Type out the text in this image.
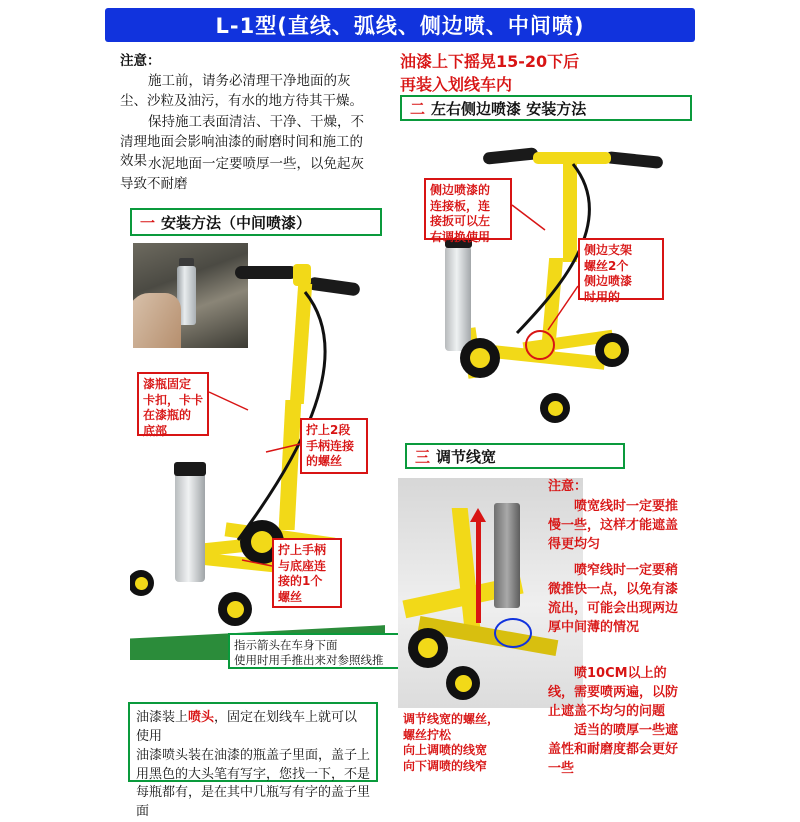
L-1型(直线、弧线、侧边喷、中间喷)
注意：
施工前，请务必清理干净地面的灰尘、沙粒及油污，有水的地方待其干燥。
保持施工表面清洁、干净、干燥，不清理地面会影响油漆的耐磨时间和施工的效果 水泥地面一定要喷厚一些，以免起灰导致不耐磨
油漆上下摇晃15-20下后
再装入划线车内
二 左右侧边喷漆 安装方法
一 安装方法（中间喷漆）
三 调节线宽
漆瓶固定
卡扣，卡卡
在漆瓶的
底部	拧上2段
手柄连接
的螺丝
拧上手柄
与底座连
接的1个
螺丝
指示箭头在车身下面
使用时用手推出来对参照线推
侧边喷漆的
连接板，连
接扳可以左
右调换使用
侧边支架
螺丝2个
侧边喷漆
时用的
调节线宽的螺丝，
螺丝拧松
向上调喷的线宽
向下调喷的线窄
注意：
喷宽线时一定要推慢一些，这样才能遮盖得更均匀
喷窄线时一定要稍微推快一点，以免有漆流出，可能会出现两边厚中间薄的情况
喷10CM以上的线，需要喷两遍，以防止遮盖不均匀的问题
适当的喷厚一些遮盖性和耐磨度都会更好一些
油漆装上喷头，固定在划线车上就可以使用
油漆喷头装在油漆的瓶盖子里面，盖子上用黑色的大头笔有写字，您找一下，不是每瓶都有，是在其中几瓶写有字的盖子里面
